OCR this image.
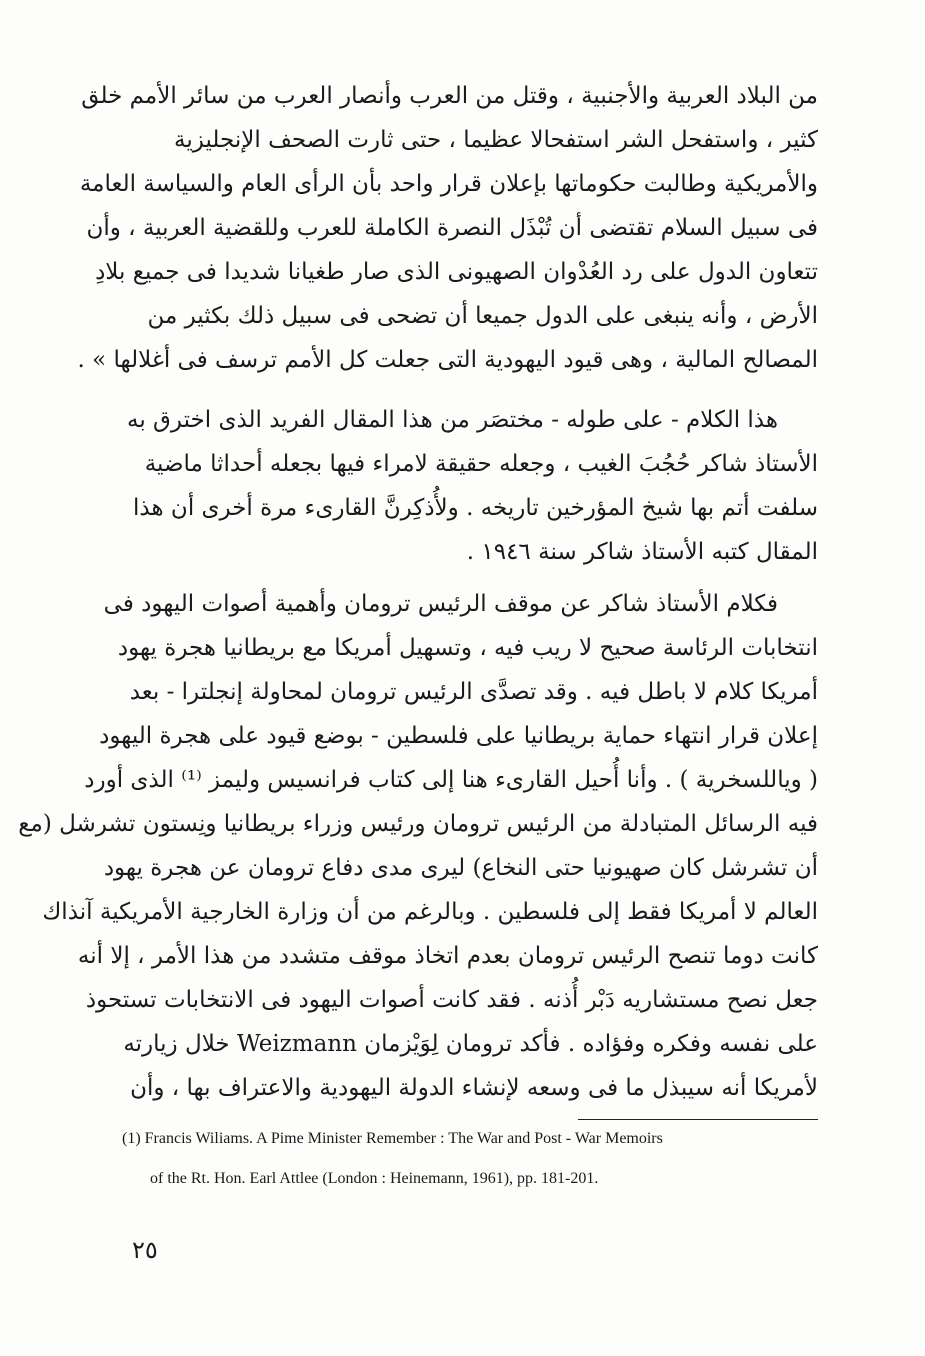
من البلاد العربية والأجنبية ، وقتل من العرب وأنصار العرب من سائر الأمم خلق
كثير ، واستفحل الشر استفحالا عظيما ، حتى ثارت الصحف الإنجليزية
والأمريكية وطالبت حكوماتها بإعلان قرار واحد بأن الرأى العام والسياسة العامة
فى سبيل السلام تقتضى أن تُبْذَل النصرة الكاملة للعرب وللقضية العربية ، وأن
تتعاون الدول على رد العُدْوان الصهيونى الذى صار طغيانا شديدا فى جميع بلادِ
الأرض ، وأنه ينبغى على الدول جميعا أن تضحى فى سبيل ذلك بكثير من
المصالح المالية ، وهى قيود اليهودية التى جعلت كل الأمم ترسف فى أغلالها » .
هذا الكلام - على طوله - مختصَر من هذا المقال الفريد الذى اخترق به
الأستاذ شاكر حُجُبَ الغيب ، وجعله حقيقة لامراء فيها بجعله أحداثا ماضية
سلفت أتم بها شيخ المؤرخين تاريخه . ولأُذكِرنَّ القارىء مرة أخرى أن هذا
المقال كتبه الأستاذ شاكر سنة ١٩٤٦ .
فكلام الأستاذ شاكر عن موقف الرئيس ترومان وأهمية أصوات اليهود فى
انتخابات الرئاسة صحيح لا ريب فيه ، وتسهيل أمريكا مع بريطانيا هجرة يهود
أمريكا كلام لا باطل فيه . وقد تصدَّى الرئيس ترومان لمحاولة إنجلترا - بعد
إعلان قرار انتهاء حماية بريطانيا على فلسطين - بوضع قيود على هجرة اليهود
( وياللسخرية ) . وأنا أُحيل القارىء هنا إلى كتاب فرانسيس وليمز ⁽¹⁾ الذى أورد
فيه الرسائل المتبادلة من الرئيس ترومان ورئيس وزراء بريطانيا ونِستون تشرشل (مع
أن تشرشل كان صهيونيا حتى النخاع) ليرى مدى دفاع ترومان عن هجرة يهود
العالم لا أمريكا فقط إلى فلسطين . وبالرغم من أن وزارة الخارجية الأمريكية آنذاك
كانت دوما تنصح الرئيس ترومان بعدم اتخاذ موقف متشدد من هذا الأمر ، إلا أنه
جعل نصح مستشاريه دَبْر أُذنه . فقد كانت أصوات اليهود فى الانتخابات تستحوذ
على نفسه وفكره وفؤاده . فأكد ترومان لِوَيْزمان Weizmann خلال زيارته
لأمريكا أنه سيبذل ما فى وسعه لإنشاء الدولة اليهودية والاعتراف بها ، وأن
(1) Francis Wiliams. A Pime Minister Remember : The War and Post - War Memoirs
of the Rt. Hon. Earl Attlee (London : Heinemann, 1961), pp. 181-201.
٢٥
